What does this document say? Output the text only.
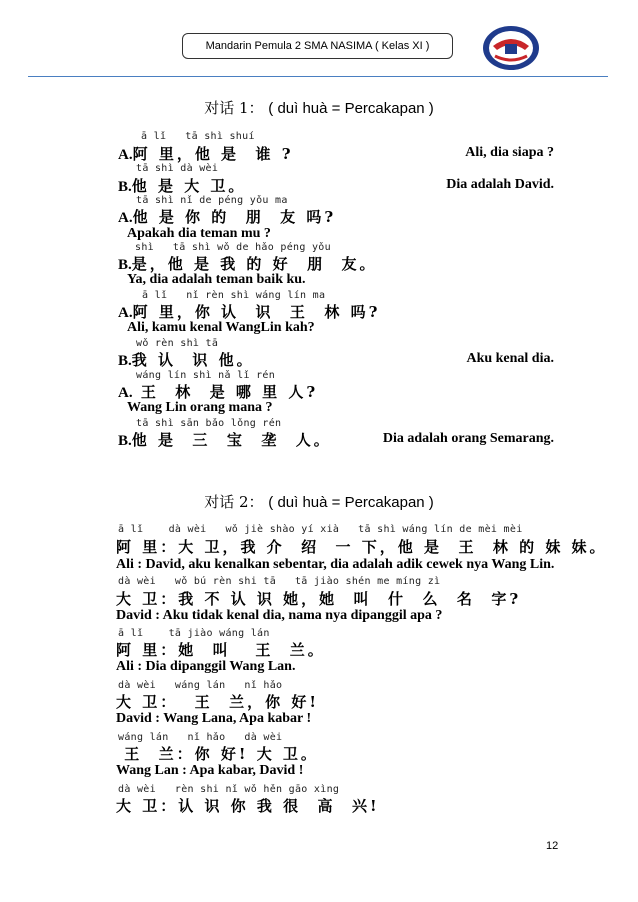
Mandarin Pemula 2 SMA NASIMA ( Kelas XI )
对话 1： ( duì huà = Percakapan )
ā lǐ   tā shì shuí
A.阿 里，他 是  谁 ?	Ali, dia siapa ?
tā shì dà wèi
B.他 是 大 卫。	Dia adalah David.
tā shì nǐ de péng yǒu ma
A.他 是 你 的  朋  友 吗?
Apakah dia teman mu ?
shì   tā shì wǒ de hǎo péng yǒu
B.是，他 是 我 的 好  朋  友。
Ya, dia adalah teman baik ku.
ā lǐ   nǐ rèn shì wáng lín ma
A.阿 里，你 认  识  王  林 吗?
Ali, kamu kenal WangLin kah?
wǒ rèn shì tā
B.我 认  识 他。	Aku kenal dia.
wáng lín shì nǎ lǐ rén
A. 王  林  是 哪 里 人?
Wang Lin orang mana ?
tā shì sān bǎo lǒng rén
B.他 是  三  宝  垄  人。	Dia adalah orang Semarang.
对话 2： ( duì huà = Percakapan )
ā lǐ    dà wèi   wǒ jiè shào yí xià   tā shì wáng lín de mèi mèi
阿 里：大 卫，我 介  绍  一 下，他 是  王  林 的 妹 妹。
Ali : David, aku kenalkan sebentar, dia adalah adik cewek nya Wang Lin.
dà wèi   wǒ bú rèn shi tā   tā jiào shén me míng zì
大 卫：我 不 认 识 她，她  叫  什  么  名  字?
David : Aku tidak kenal dia, nama nya dipanggil apa ?
ā lǐ    tā jiào wáng lán
阿 里：她  叫   王  兰。
Ali : Dia dipanggil Wang Lan.
dà wèi   wáng lán   nǐ hǎo
大 卫：  王  兰，你 好!
David : Wang Lana, Apa kabar !
wáng lán   nǐ hǎo   dà wèi
王  兰：你 好! 大 卫。
Wang Lan : Apa kabar, David !
dà wèi   rèn shi nǐ wǒ hěn gāo xìng
大 卫：认 识 你 我 很  高  兴!
12
